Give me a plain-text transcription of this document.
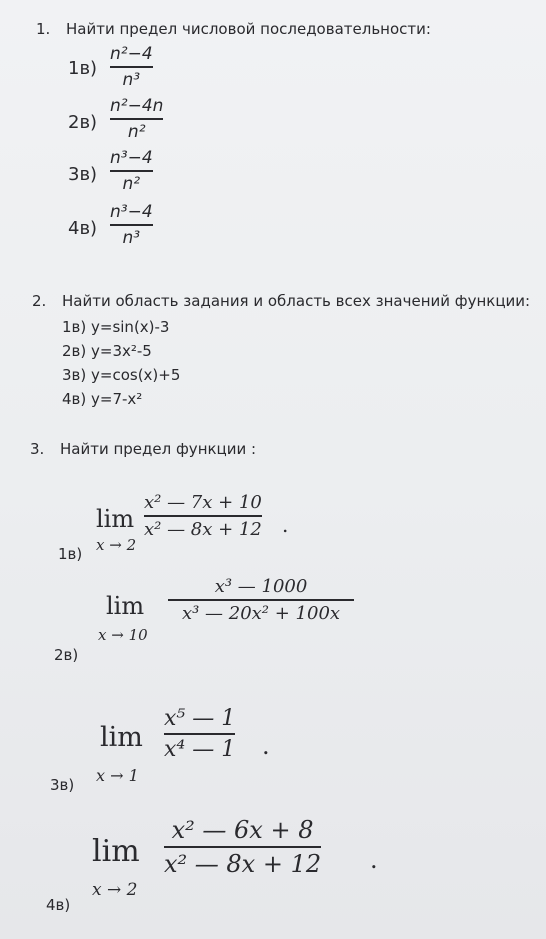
1. Найти предел числовой последовательности:
1в)
n²−4
n³
2в)
n²−4n
n²
3в)
n³−4
n²
4в)
n³−4
n³
2. Найти область задания и область всех значений функции:
1в) y=sin(x)-3
2в) y=3x²-5
3в) y=cos(x)+5
4в) y=7-x²
3. Найти предел функции :
lim
x → 2
x² — 7x + 10
x² — 8x + 12 .
1в)
lim
x → 10
x³ — 1000
x³ — 20x² + 100x
2в)
lim
x → 1
x⁵ — 1
x⁴ — 1 .
3в)
lim
x → 2
x² — 6x + 8
x² — 8x + 12 .
4в)
